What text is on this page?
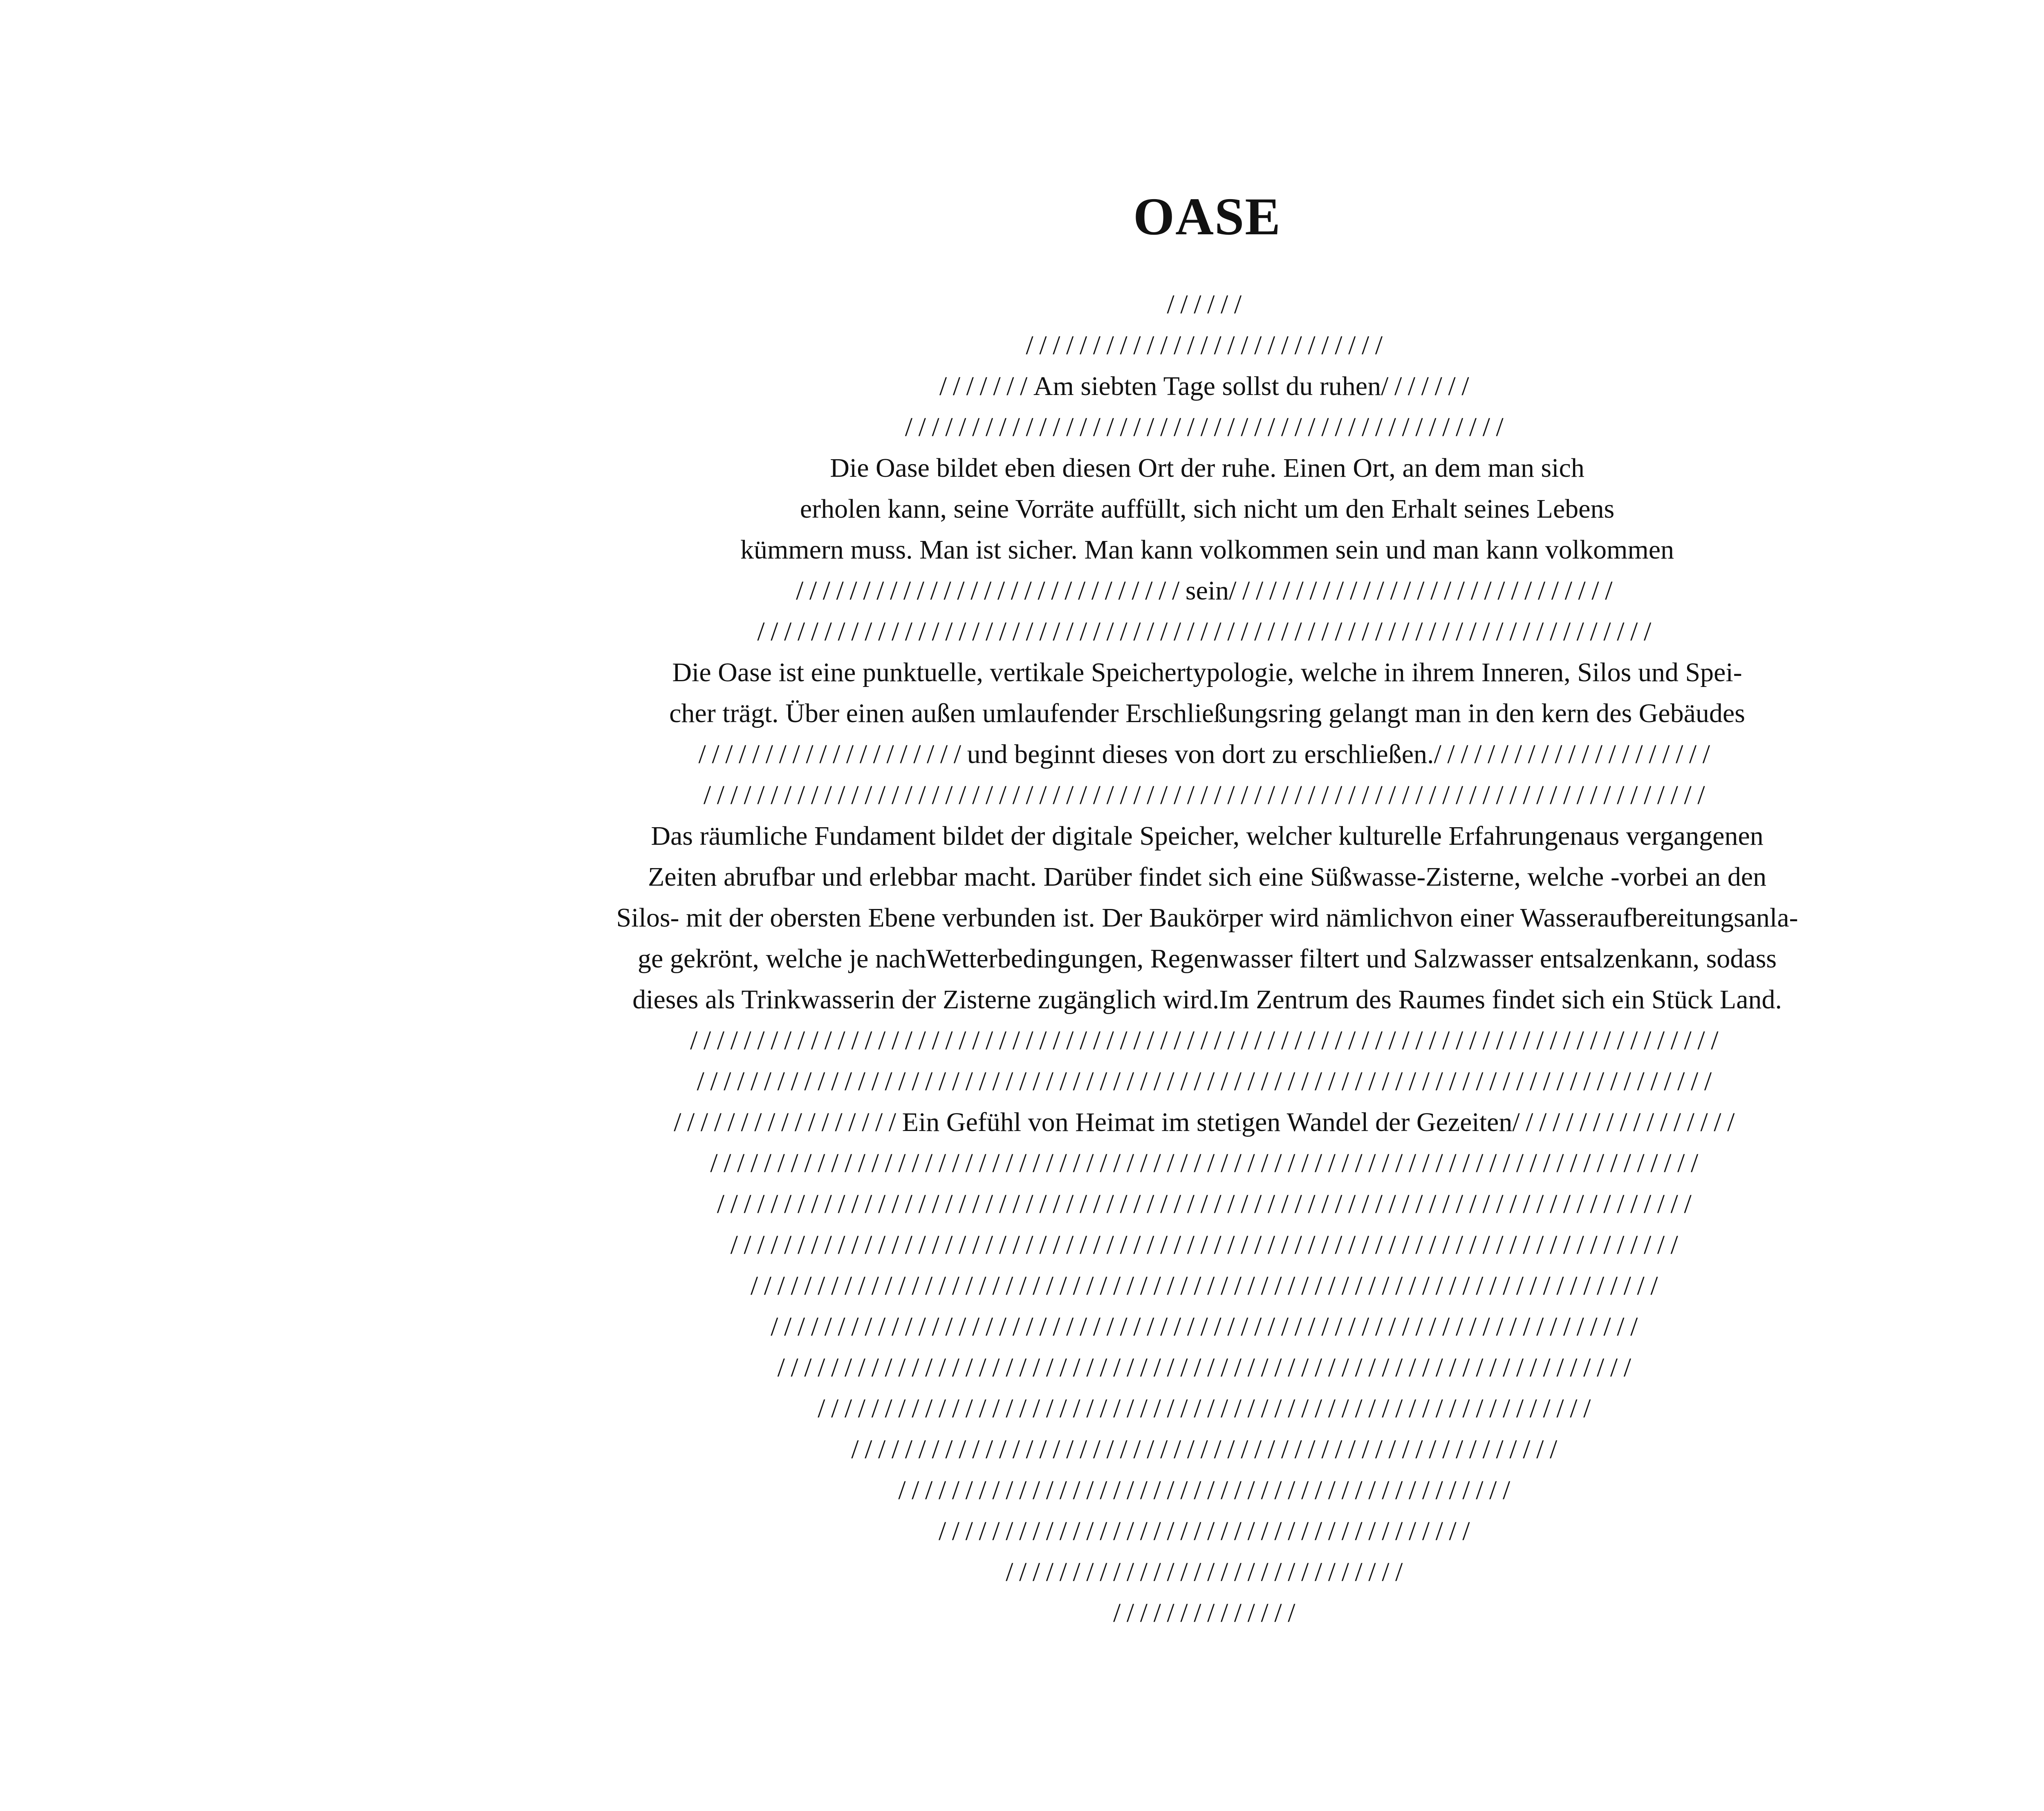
OASE
//////
///////////////////////////
///////Am siebten Tage sollst du ruhen///////
/////////////////////////////////////////////
Die Oase bildet eben diesen Ort der ruhe. Einen Ort, an dem man sich
erholen kann, seine Vorräte auffüllt, sich nicht um den Erhalt seines Lebens
kümmern muss. Man ist sicher. Man kann volkommen sein und man kann volkommen
/////////////////////////////sein/////////////////////////////
///////////////////////////////////////////////////////////////////
Die Oase ist eine punktuelle, vertikale Speichertypologie, welche in ihrem Inneren, Silos und Spei-
cher trägt. Über einen außen umlaufender Erschließungsring gelangt man in den kern des Gebäudes
////////////////////und beginnt dieses von dort zu erschließen./////////////////////
///////////////////////////////////////////////////////////////////////////
Das räumliche Fundament bildet der digitale Speicher, welcher kulturelle Erfahrungenaus vergangenen
Zeiten abrufbar und erlebbar macht. Darüber findet sich eine Süßwasse-Zisterne, welche -vorbei an den
Silos- mit der obersten Ebene verbunden ist. Der Baukörper wird nämlichvon einer Wasseraufbereitungsanla-
ge gekrönt, welche je nachWetterbedingungen, Regenwasser filtert und Salzwasser entsalzenkann, sodass
dieses als Trinkwasserin der Zisterne zugänglich wird.Im Zentrum des Raumes findet sich ein Stück Land.
/////////////////////////////////////////////////////////////////////////////
////////////////////////////////////////////////////////////////////////////
/////////////////Ein Gefühl von Heimat im stetigen Wandel der Gezeiten/////////////////
//////////////////////////////////////////////////////////////////////////
/////////////////////////////////////////////////////////////////////////
///////////////////////////////////////////////////////////////////////
////////////////////////////////////////////////////////////////////
/////////////////////////////////////////////////////////////////
////////////////////////////////////////////////////////////////
//////////////////////////////////////////////////////////
/////////////////////////////////////////////////////
//////////////////////////////////////////////
////////////////////////////////////////
//////////////////////////////
//////////////
